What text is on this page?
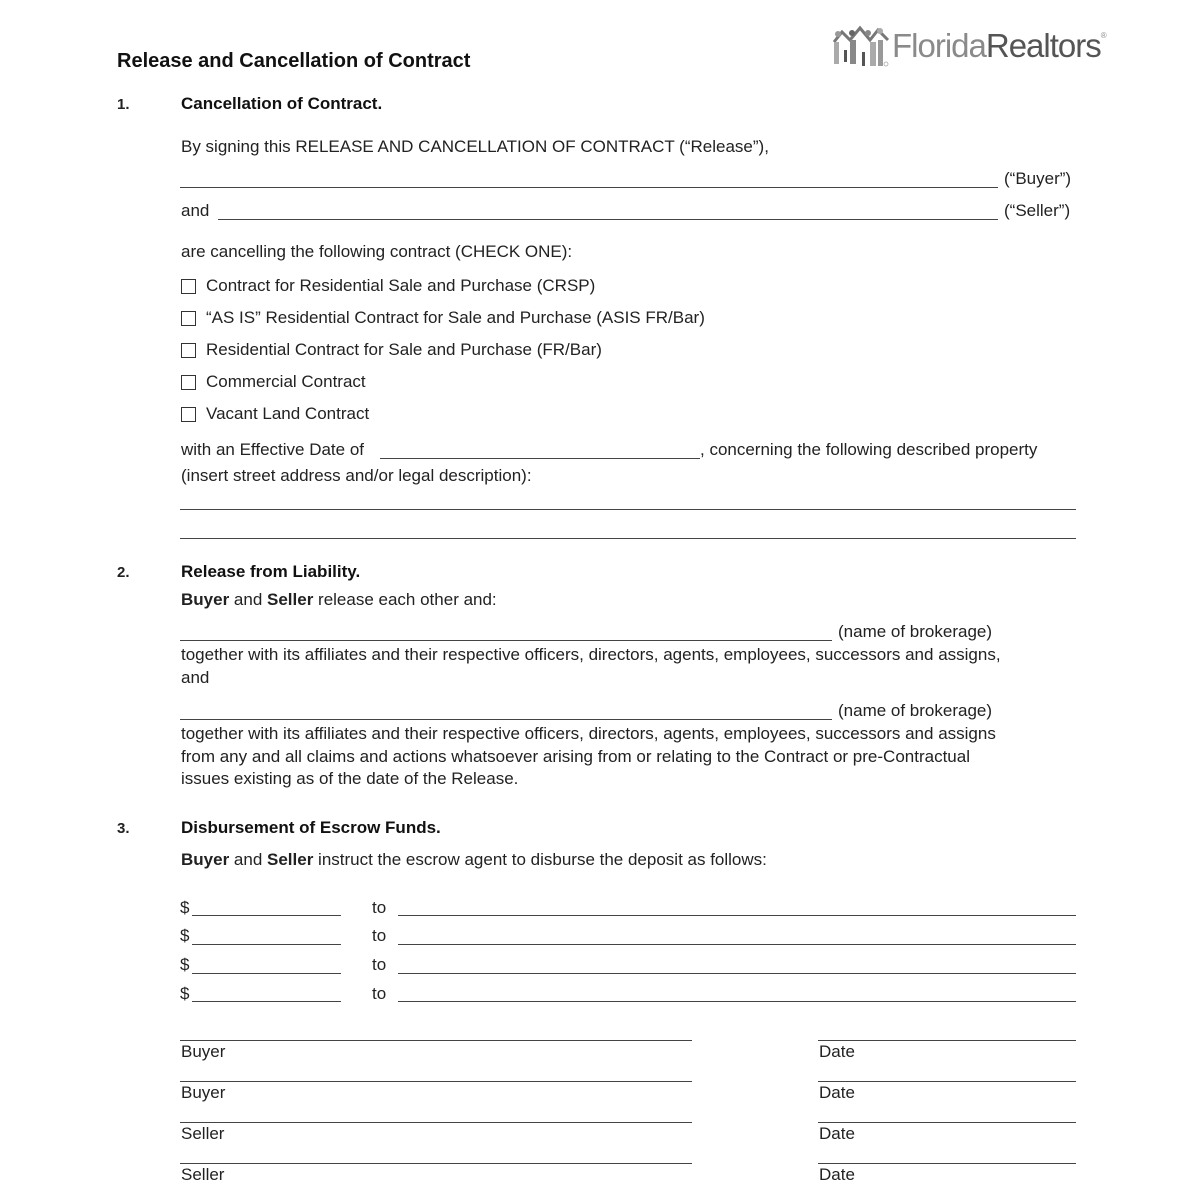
Release and Cancellation of Contract	FloridaRealtors®
1.	Cancellation of Contract.
By signing this RELEASE AND CANCELLATION OF CONTRACT (“Release”),
(“Buyer”)
and	(“Seller”)
are cancelling the following contract (CHECK ONE):
Contract for Residential Sale and Purchase (CRSP)
“AS IS” Residential Contract for Sale and Purchase (ASIS FR/Bar)
Residential Contract for Sale and Purchase (FR/Bar)
Commercial Contract
Vacant Land Contract
with an Effective Date of	, concerning the following described property
(insert street address and/or legal description):
2.	Release from Liability.
Buyer and Seller release each other and:
(name of brokerage)
together with its affiliates and their respective officers, directors, agents, employees, successors and assigns,
and
(name of brokerage)
together with its affiliates and their respective officers, directors, agents, employees, successors and assigns
from any and all claims and actions whatsoever arising from or relating to the Contract or pre-Contractual
issues existing as of the date of the Release.
3.	Disbursement of Escrow Funds.
Buyer and Seller instruct the escrow agent to disburse the deposit as follows:
$	to
$	to
$	to
$	to
Buyer	Date
Buyer	Date
Seller	Date
Seller	Date
